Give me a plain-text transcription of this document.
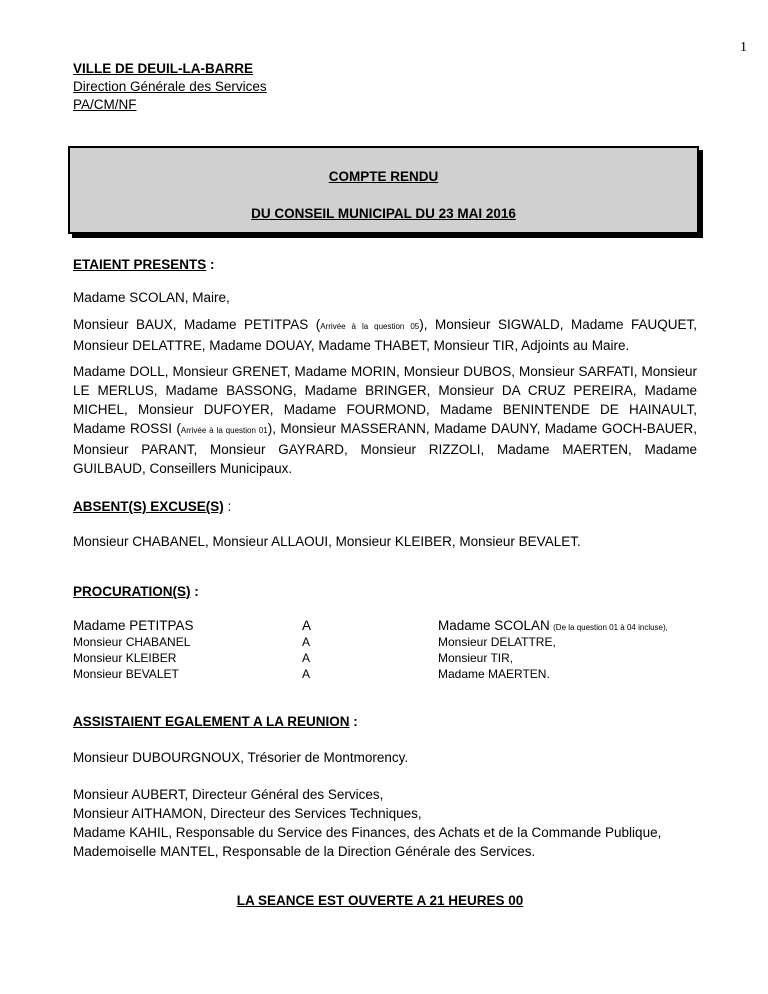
1
VILLE DE DEUIL-LA-BARRE
Direction Générale des Services
PA/CM/NF
COMPTE RENDU
DU CONSEIL MUNICIPAL DU 23 MAI 2016
ETAIENT PRESENTS :
Madame SCOLAN, Maire,
Monsieur BAUX, Madame PETITPAS (Arrivée à la question 05), Monsieur SIGWALD, Madame FAUQUET, Monsieur DELATTRE, Madame DOUAY, Madame THABET, Monsieur TIR, Adjoints au Maire.
Madame DOLL, Monsieur GRENET, Madame MORIN, Monsieur DUBOS, Monsieur SARFATI, Monsieur LE MERLUS, Madame BASSONG, Madame BRINGER, Monsieur DA CRUZ PEREIRA, Madame MICHEL, Monsieur DUFOYER, Madame FOURMOND, Madame BENINTENDE DE HAINAULT, Madame ROSSI (Arrivée à la question 01), Monsieur MASSERANN, Madame DAUNY, Madame GOCH-BAUER, Monsieur PARANT, Monsieur GAYRARD, Monsieur RIZZOLI, Madame MAERTEN, Madame GUILBAUD, Conseillers Municipaux.
ABSENT(S) EXCUSE(S) :
Monsieur CHABANEL, Monsieur ALLAOUI, Monsieur KLEIBER, Monsieur BEVALET.
PROCURATION(S) :
Madame PETITPAS	A	Madame SCOLAN (De la question 01 à 04 incluse),
Monsieur CHABANEL	A	Monsieur DELATTRE,
Monsieur KLEIBER	A	Monsieur TIR,
Monsieur BEVALET	A	Madame MAERTEN.
ASSISTAIENT EGALEMENT A LA REUNION :
Monsieur DUBOURGNOUX, Trésorier de Montmorency.
Monsieur AUBERT, Directeur Général des Services,
Monsieur AITHAMON, Directeur des Services Techniques,
Madame KAHIL, Responsable du Service des Finances, des Achats et de la Commande Publique,
Mademoiselle MANTEL, Responsable de la Direction Générale des Services.
LA SEANCE EST OUVERTE A 21 HEURES 00
